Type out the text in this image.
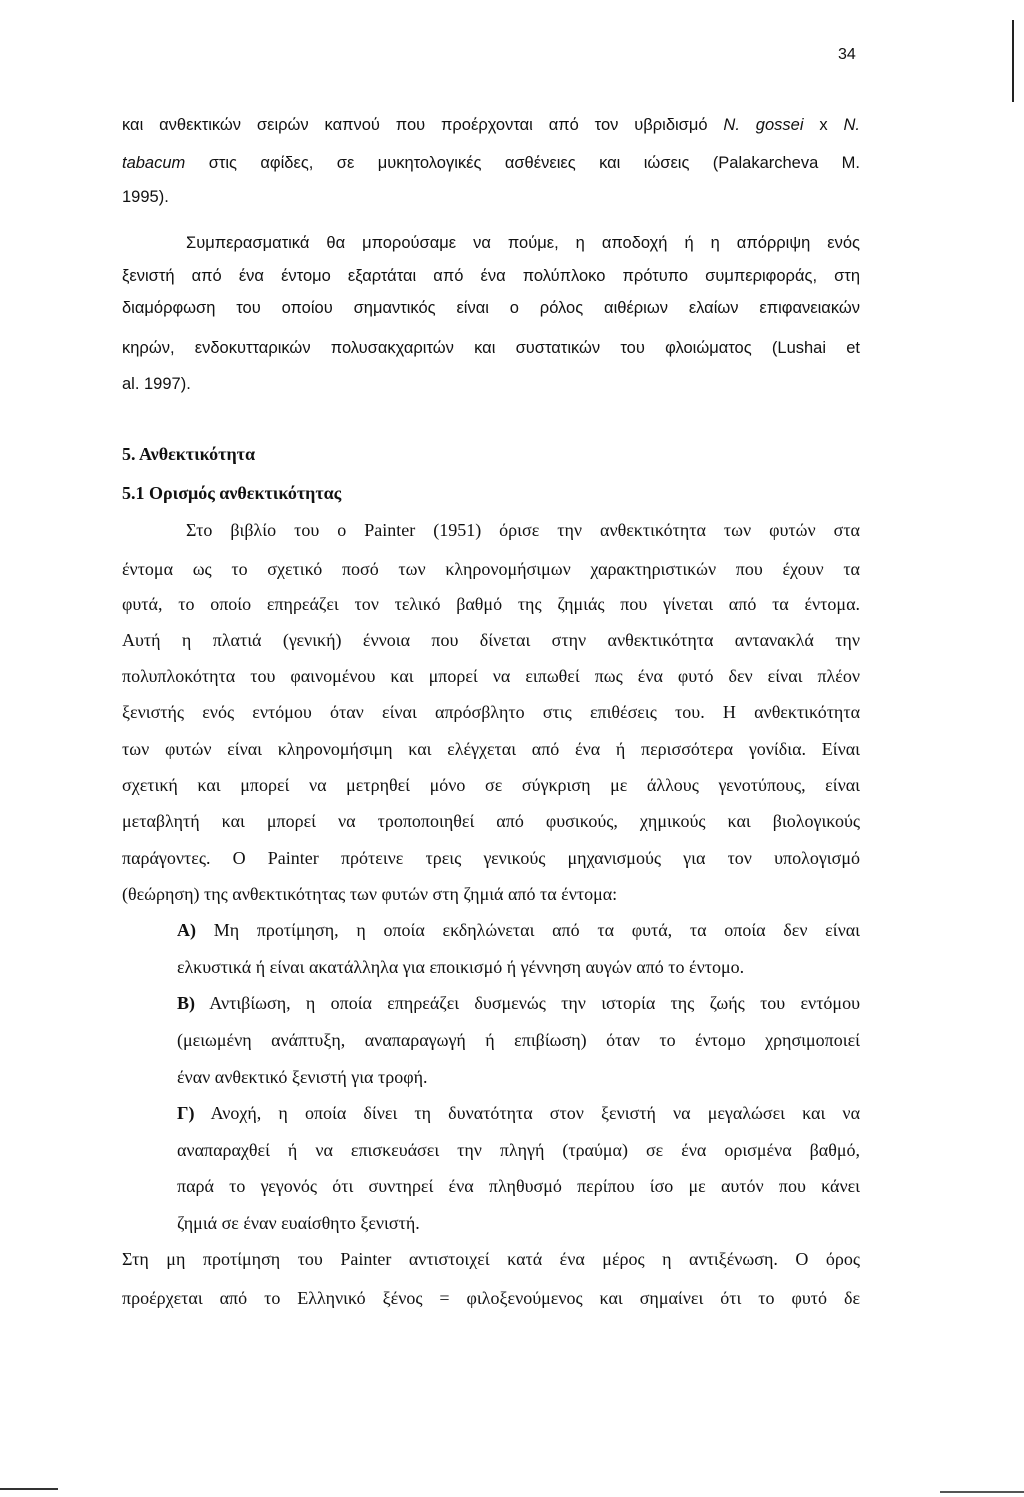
34
και ανθεκτικών σειρών καπνού που προέρχονται από τον υβριδισμό N. gossei x N.
tabacum στις αφίδες, σε μυκητολογικές ασθένειες και ιώσεις (Palakarcheva M.
1995).
Συμπερασματικά θα μπορούσαμε να πούμε, η αποδοχή ή η απόρριψη ενός
ξενιστή από ένα έντομο εξαρτάται από ένα πολύπλοκο πρότυπο συμπεριφοράς, στη
διαμόρφωση του οποίου σημαντικός είναι ο ρόλος αιθέριων ελαίων επιφανειακών
κηρών, ενδοκυτταρικών πολυσακχαριτών και συστατικών του φλοιώματος (Lushai et
al. 1997).
5. Ανθεκτικότητα
5.1 Ορισμός ανθεκτικότητας
Στο βιβλίο του ο Painter (1951) όρισε την ανθεκτικότητα των φυτών στα
έντομα ως το σχετικό ποσό των κληρονομήσιμων χαρακτηριστικών που έχουν τα
φυτά, το οποίο επηρεάζει τον τελικό βαθμό της ζημιάς που γίνεται από τα έντομα.
Αυτή η πλατιά (γενική) έννοια που δίνεται στην ανθεκτικότητα αντανακλά την
πολυπλοκότητα του φαινομένου και μπορεί να ειπωθεί πως ένα φυτό δεν είναι πλέον
ξενιστής ενός εντόμου όταν είναι απρόσβλητο στις επιθέσεις του. Η ανθεκτικότητα
των φυτών είναι κληρονομήσιμη και ελέγχεται από ένα ή περισσότερα γονίδια. Είναι
σχετική και μπορεί να μετρηθεί μόνο σε σύγκριση με άλλους γενοτύπους, είναι
μεταβλητή και μπορεί να τροποποιηθεί από φυσικούς, χημικούς και βιολογικούς
παράγοντες. Ο Painter πρότεινε τρεις γενικούς μηχανισμούς για τον υπολογισμό
(θεώρηση) της ανθεκτικότητας των φυτών στη ζημιά από τα έντομα:
Α) Μη προτίμηση, η οποία εκδηλώνεται από τα φυτά, τα οποία δεν είναι
ελκυστικά ή είναι ακατάλληλα για εποικισμό ή γέννηση αυγών από το έντομο.
Β) Αντιβίωση, η οποία επηρεάζει δυσμενώς την ιστορία της ζωής του εντόμου
(μειωμένη ανάπτυξη, αναπαραγωγή ή επιβίωση) όταν το έντομο χρησιμοποιεί
έναν ανθεκτικό ξενιστή για τροφή.
Γ) Ανοχή, η οποία δίνει τη δυνατότητα στον ξενιστή να μεγαλώσει και να
αναπαραχθεί ή να επισκευάσει την πληγή (τραύμα) σε ένα ορισμένα βαθμό,
παρά το γεγονός ότι συντηρεί ένα πληθυσμό περίπου ίσο με αυτόν που κάνει
ζημιά σε έναν ευαίσθητο ξενιστή.
Στη μη προτίμηση του Painter αντιστοιχεί κατά ένα μέρος η αντιξένωση. Ο όρος
προέρχεται από το Ελληνικό ξένος = φιλοξενούμενος και σημαίνει ότι το φυτό δε
